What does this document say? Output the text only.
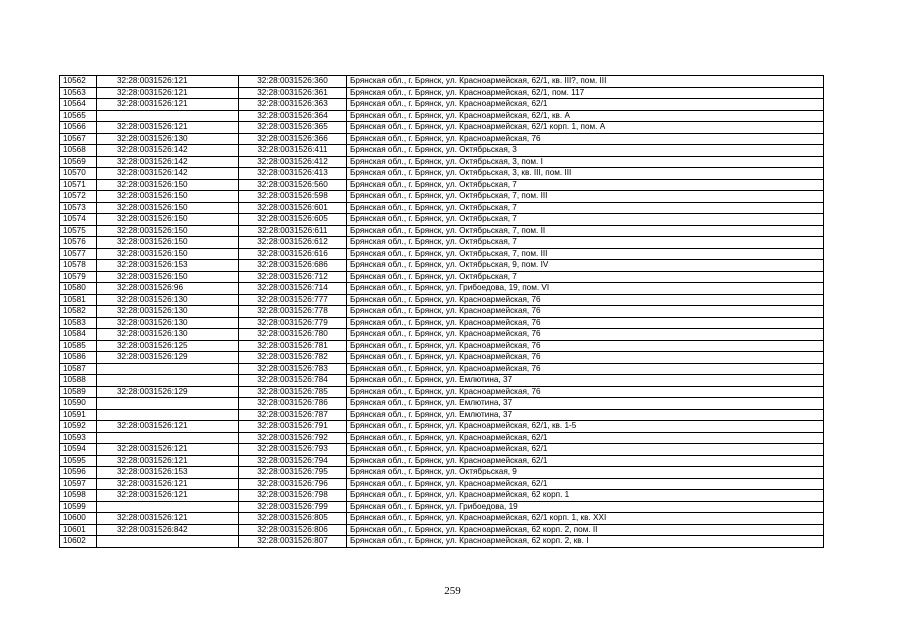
10562	32:28:0031526:121	32:28:0031526:360	Брянская обл., г. Брянск, ул. Красноармейская, 62/1, кв. III?, пом. III
10563	32:28:0031526:121	32:28:0031526:361	Брянская обл., г. Брянск, ул. Красноармейская, 62/1, пом. 117
10564	32:28:0031526:121	32:28:0031526:363	Брянская обл., г. Брянск, ул. Красноармейская, 62/1
10565		32:28:0031526:364	Брянская обл., г. Брянск, ул. Красноармейская, 62/1, кв. А
10566	32:28:0031526:121	32:28:0031526:365	Брянская обл., г. Брянск, ул. Красноармейская, 62/1 корп. 1, пом. А
10567	32:28:0031526:130	32:28:0031526:366	Брянская обл., г. Брянск, ул. Красноармейская, 76
10568	32:28:0031526:142	32:28:0031526:411	Брянская обл., г. Брянск, ул. Октябрьская, 3
10569	32:28:0031526:142	32:28:0031526:412	Брянская обл., г. Брянск, ул. Октябрьская, 3, пом. I
10570	32:28:0031526:142	32:28:0031526:413	Брянская обл., г. Брянск, ул. Октябрьская, 3, кв. III, пом. III
10571	32:28:0031526:150	32:28:0031526:560	Брянская обл., г. Брянск, ул. Октябрьская, 7
10572	32:28:0031526:150	32:28:0031526:598	Брянская обл., г. Брянск, ул. Октябрьская, 7, пом. III
10573	32:28:0031526:150	32:28:0031526:601	Брянская обл., г. Брянск, ул. Октябрьская, 7
10574	32:28:0031526:150	32:28:0031526:605	Брянская обл., г. Брянск, ул. Октябрьская, 7
10575	32:28:0031526:150	32:28:0031526:611	Брянская обл., г. Брянск, ул. Октябрьская, 7, пом. II
10576	32:28:0031526:150	32:28:0031526:612	Брянская обл., г. Брянск, ул. Октябрьская, 7
10577	32:28:0031526:150	32:28:0031526:616	Брянская обл., г. Брянск, ул. Октябрьская, 7, пом. III
10578	32:28:0031526:153	32:28:0031526:686	Брянская обл., г. Брянск, ул. Октябрьская, 9, пом. IV
10579	32:28:0031526:150	32:28:0031526:712	Брянская обл., г. Брянск, ул. Октябрьская, 7
10580	32:28:0031526:96	32:28:0031526:714	Брянская обл., г. Брянск, ул. Грибоедова, 19, пом. VI
10581	32:28:0031526:130	32:28:0031526:777	Брянская обл., г. Брянск, ул. Красноармейская, 76
10582	32:28:0031526:130	32:28:0031526:778	Брянская обл., г. Брянск, ул. Красноармейская, 76
10583	32:28:0031526:130	32:28:0031526:779	Брянская обл., г. Брянск, ул. Красноармейская, 76
10584	32:28:0031526:130	32:28:0031526:780	Брянская обл., г. Брянск, ул. Красноармейская, 76
10585	32:28:0031526:125	32:28:0031526:781	Брянская обл., г. Брянск, ул. Красноармейская, 76
10586	32:28:0031526:129	32:28:0031526:782	Брянская обл., г. Брянск, ул. Красноармейская, 76
10587		32:28:0031526:783	Брянская обл., г. Брянск, ул. Красноармейская, 76
10588		32:28:0031526:784	Брянская обл., г. Брянск, ул. Емлютина, 37
10589	32:28:0031526:129	32:28:0031526:785	Брянская обл., г. Брянск, ул. Красноармейская, 76
10590		32:28:0031526:786	Брянская обл., г. Брянск, ул. Емлютина, 37
10591		32:28:0031526:787	Брянская обл., г. Брянск, ул. Емлютина, 37
10592	32:28:0031526:121	32:28:0031526:791	Брянская обл., г. Брянск, ул. Красноармейская, 62/1, кв. 1-5
10593		32:28:0031526:792	Брянская обл., г. Брянск, ул. Красноармейская, 62/1
10594	32:28:0031526:121	32:28:0031526:793	Брянская обл., г. Брянск, ул. Красноармейская, 62/1
10595	32:28:0031526:121	32:28:0031526:794	Брянская обл., г. Брянск, ул. Красноармейская, 62/1
10596	32:28:0031526:153	32:28:0031526:795	Брянская обл., г. Брянск, ул. Октябрьская, 9
10597	32:28:0031526:121	32:28:0031526:796	Брянская обл., г. Брянск, ул. Красноармейская, 62/1
10598	32:28:0031526:121	32:28:0031526:798	Брянская обл., г. Брянск, ул. Красноармейская, 62 корп. 1
10599		32:28:0031526:799	Брянская обл., г. Брянск, ул. Грибоедова, 19
10600	32:28:0031526:121	32:28:0031526:805	Брянская обл., г. Брянск, ул. Красноармейская, 62/1 корп. 1, кв. XXI
10601	32:28:0031526:842	32:28:0031526:806	Брянская обл., г. Брянск, ул. Красноармейская, 62 корп. 2, пом. II
10602		32:28:0031526:807	Брянская обл., г. Брянск, ул. Красноармейская, 62 корп. 2, кв. I
259
